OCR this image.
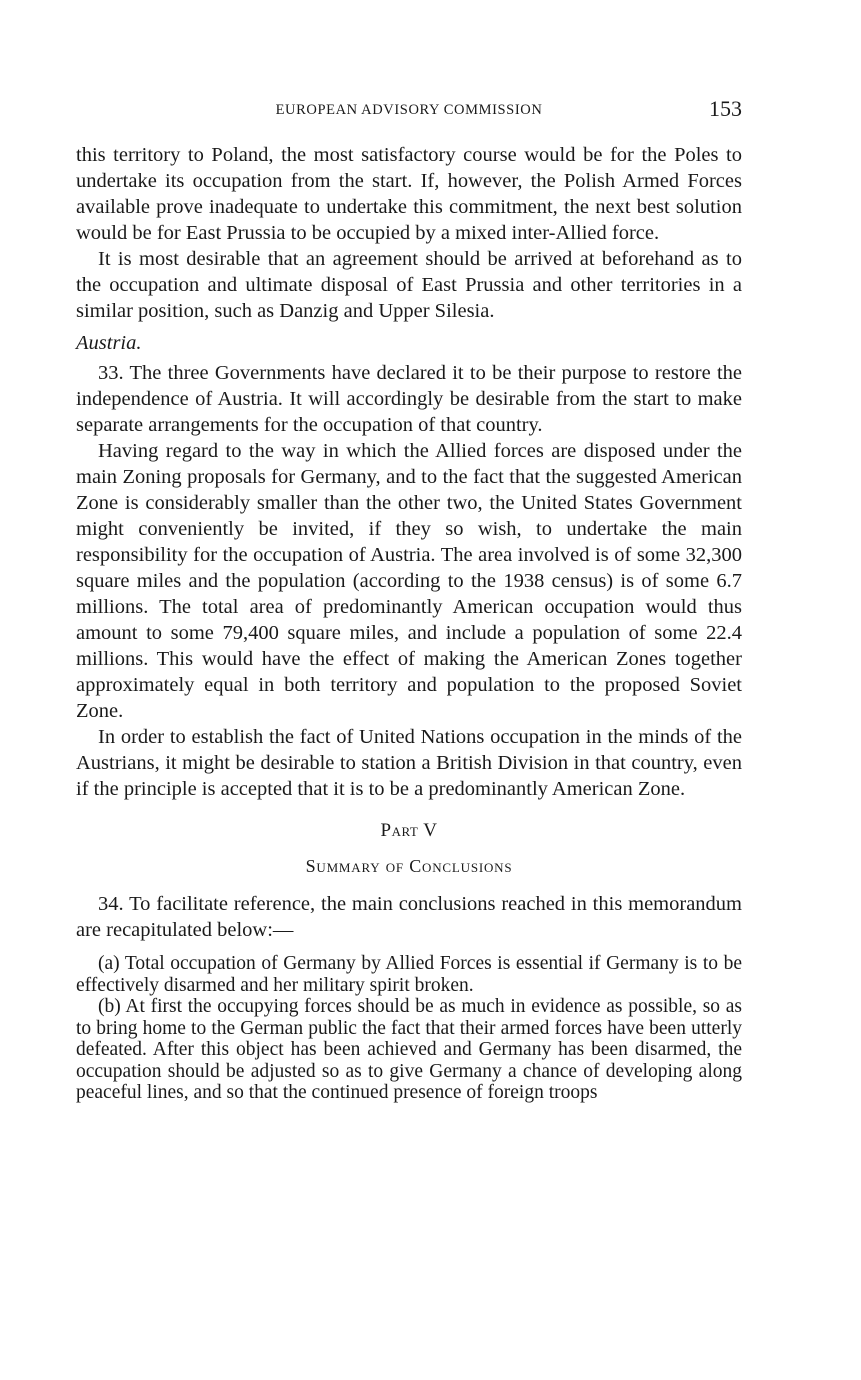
EUROPEAN ADVISORY COMMISSION	153

this territory to Poland, the most satisfactory course would be for the Poles to undertake its occupation from the start. If, however, the Polish Armed Forces available prove inadequate to undertake this commitment, the next best solution would be for East Prussia to be occupied by a mixed inter-Allied force.

It is most desirable that an agreement should be arrived at beforehand as to the occupation and ultimate disposal of East Prussia and other territories in a similar position, such as Danzig and Upper Silesia.

Austria.

33. The three Governments have declared it to be their purpose to restore the independence of Austria. It will accordingly be desirable from the start to make separate arrangements for the occupation of that country.

Having regard to the way in which the Allied forces are disposed under the main Zoning proposals for Germany, and to the fact that the suggested American Zone is considerably smaller than the other two, the United States Government might conveniently be invited, if they so wish, to undertake the main responsibility for the occupation of Austria. The area involved is of some 32,300 square miles and the population (according to the 1938 census) is of some 6.7 millions. The total area of predominantly American occupation would thus amount to some 79,400 square miles, and include a population of some 22.4 millions. This would have the effect of making the American Zones together approximately equal in both territory and population to the proposed Soviet Zone.

In order to establish the fact of United Nations occupation in the minds of the Austrians, it might be desirable to station a British Division in that country, even if the principle is accepted that it is to be a predominantly American Zone.

Part V
Summary of Conclusions

34. To facilitate reference, the main conclusions reached in this memorandum are recapitulated below:—

(a) Total occupation of Germany by Allied Forces is essential if Germany is to be effectively disarmed and her military spirit broken.

(b) At first the occupying forces should be as much in evidence as possible, so as to bring home to the German public the fact that their armed forces have been utterly defeated. After this object has been achieved and Germany has been disarmed, the occupation should be adjusted so as to give Germany a chance of developing along peaceful lines, and so that the continued presence of foreign troops
